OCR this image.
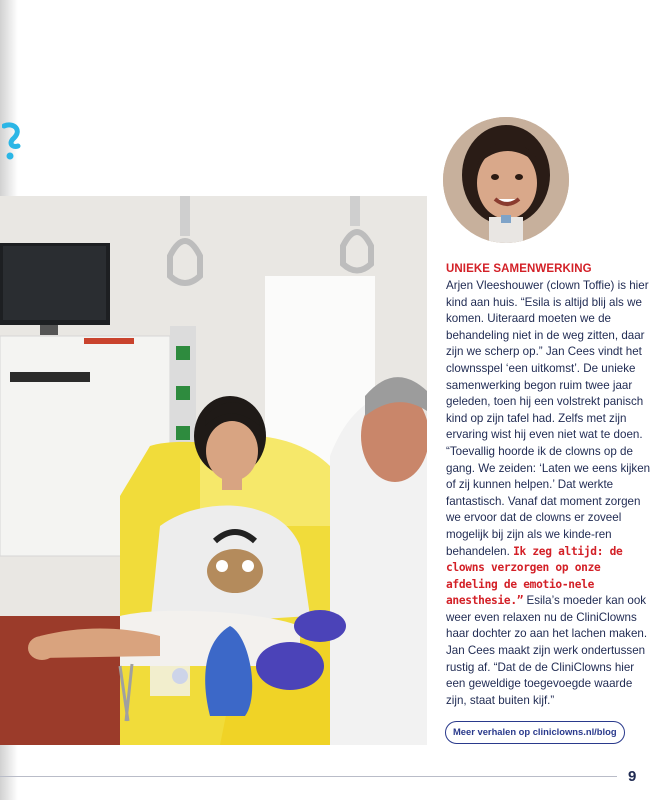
UNIEKE SAMENWERKING

Arjen Vleeshouwer (clown Toffie) is hier kind aan huis. “Esila is altijd blij als we komen. Uiteraard moeten we de behandeling niet in de weg zitten, daar zijn we scherp op.” Jan Cees vindt het clownsspel ‘een uitkomst’. De unieke samenwerking begon ruim twee jaar geleden, toen hij een volstrekt panisch kind op zijn tafel had. Zelfs met zijn ervaring wist hij even niet wat te doen. “Toevallig hoorde ik de clowns op de gang. We zeiden: ‘Laten we eens kijken of zij kunnen helpen.’ Dat werkte fantastisch. Vanaf dat moment zorgen we ervoor dat de clowns er zoveel mogelijk bij zijn als we kinde-ren behandelen. Ik zeg altijd: de clowns verzorgen op onze afdeling de emotio-nele anesthesie.” Esila’s moeder kan ook weer even relaxen nu de CliniClowns haar dochter zo aan het lachen maken. Jan Cees maakt zijn werk ondertussen rustig af. “Dat de de CliniClowns hier een geweldige toegevoegde waarde zijn, staat buiten kijf.”

Meer verhalen op cliniclowns.nl/blog
9
